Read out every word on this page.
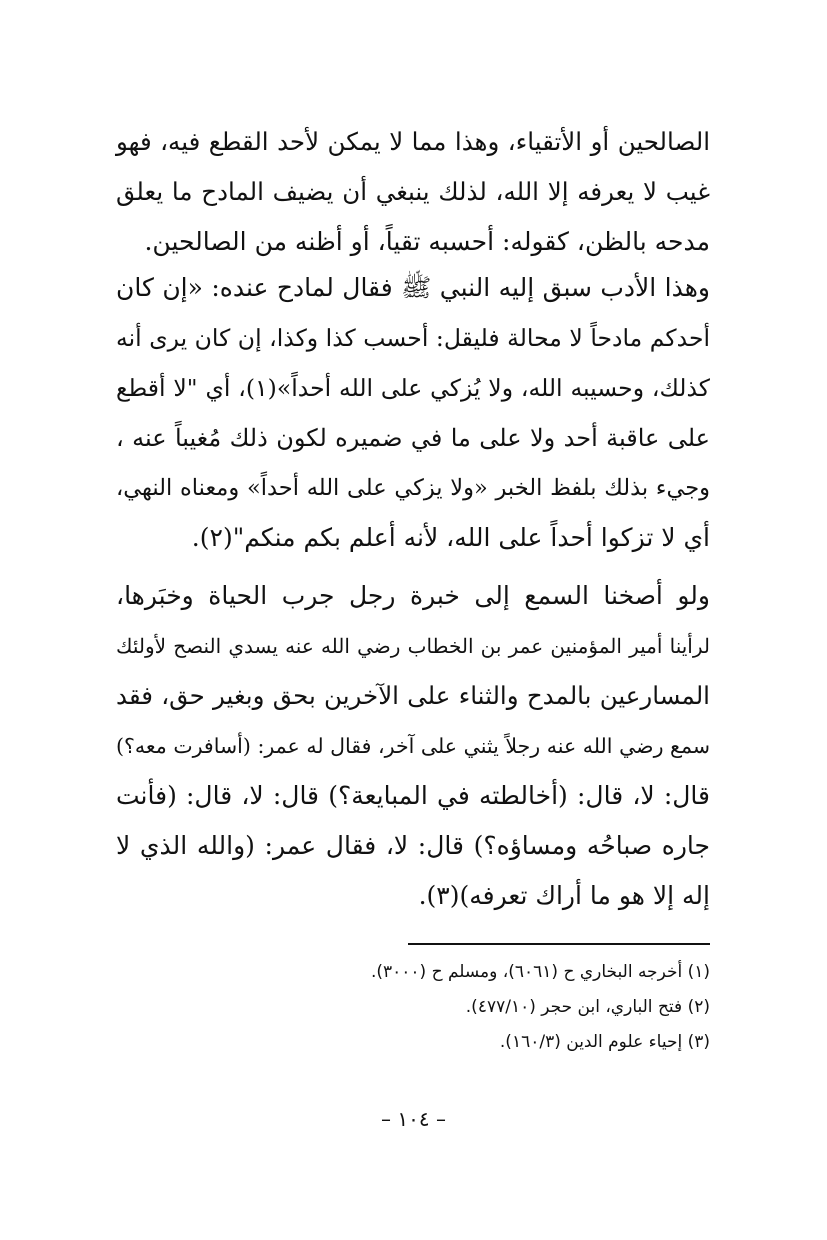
الصالحين أو الأتقياء، وهذا مما لا يمكن لأحد القطع فيه، فهو
غيب لا يعرفه إلا الله، لذلك ينبغي أن يضيف المادح ما يعلق
مدحه بالظن، كقوله: أحسبه تقياً، أو أظنه من الصالحين.
وهذا الأدب سبق إليه النبي ﷺ فقال لمادح عنده: «إن كان
أحدكم مادحاً لا محالة فليقل: أحسب كذا وكذا، إن كان يرى أنه
كذلك، وحسيبه الله، ولا يُزكي على الله أحداً»(١)، أي "لا أقطع
على عاقبة أحد ولا على ما في ضميره لكون ذلك مُغيباً عنه ،
وجيء بذلك بلفظ الخبر «ولا يزكي على الله أحداً» ومعناه النهي،
أي لا تزكوا أحداً على الله، لأنه أعلم بكم منكم"(٢).
ولو أصخنا السمع إلى خبرة رجل جرب الحياة وخبَرها،
لرأينا أمير المؤمنين عمر بن الخطاب رضي الله عنه يسدي النصح لأولئك
المسارعين بالمدح والثناء على الآخرين بحق وبغير حق، فقد
سمع رضي الله عنه رجلاً يثني على آخر، فقال له عمر: (أسافرت معه؟)
قال: لا، قال: (أخالطته في المبايعة؟) قال: لا، قال: (فأنت
جاره صباحُه ومساؤه؟) قال: لا، فقال عمر: (والله الذي لا
إله إلا هو ما أراك تعرفه)(٣).
(١) أخرجه البخاري ح (٦٠٦١)، ومسلم ح (٣٠٠٠).
(٢) فتح الباري، ابن حجر (٤٧٧/١٠).
(٣) إحياء علوم الدين (١٦٠/٣).
– ١٠٤ –
